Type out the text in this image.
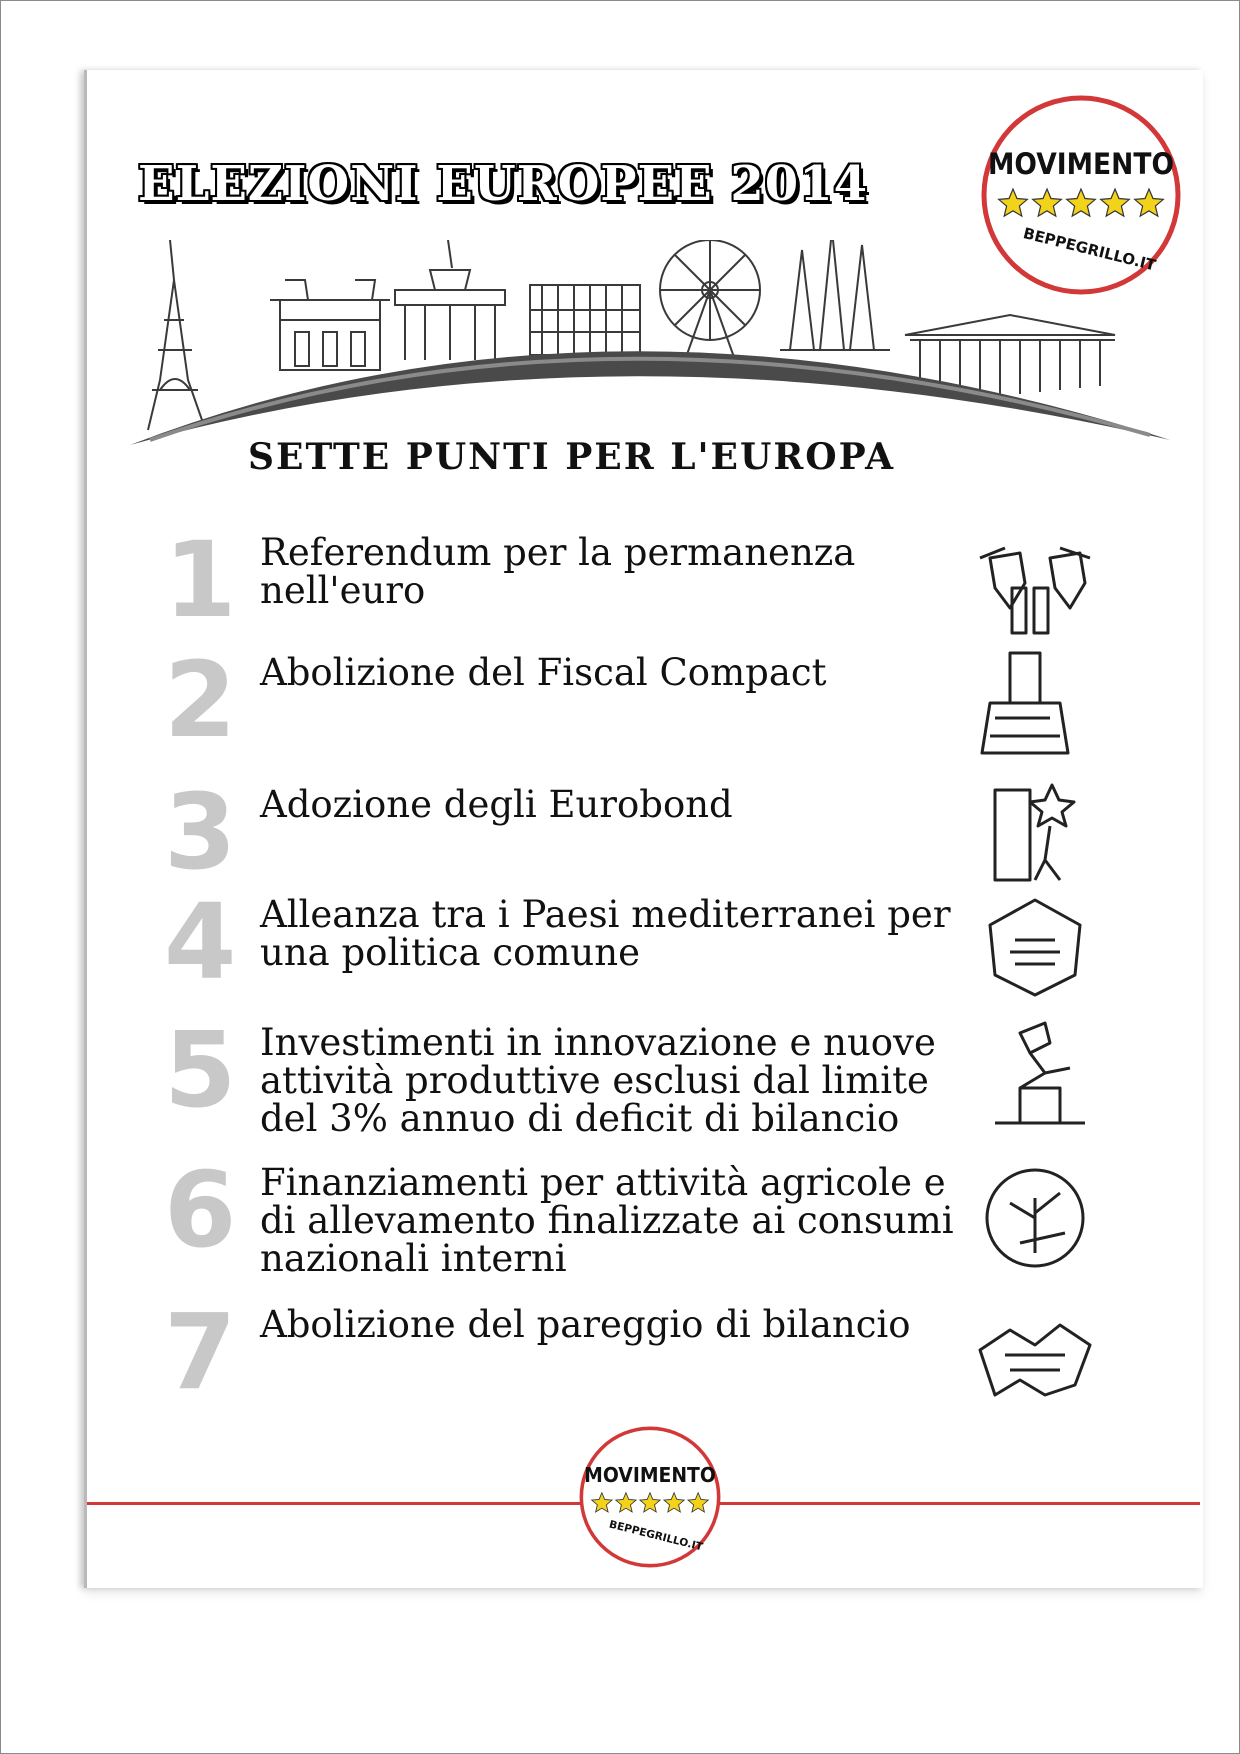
ELEZIONI EUROPEE 2014	MOVIMENTO
BEPPEGRILLO.IT
SETTE PUNTI PER L'EUROPA
1 Referendum per la permanenza
nell'euro
2 Abolizione del Fiscal Compact
3 Adozione degli Eurobond
4 Alleanza tra i Paesi mediterranei per
una politica comune
5 Investimenti in innovazione e nuove
attività produttive esclusi dal limite
del 3% annuo di deficit di bilancio
6 Finanziamenti per attività agricole e
di allevamento finalizzate ai consumi
nazionali interni
7 Abolizione del pareggio di bilancio
MOVIMENTO
BEPPEGRILLO.IT
